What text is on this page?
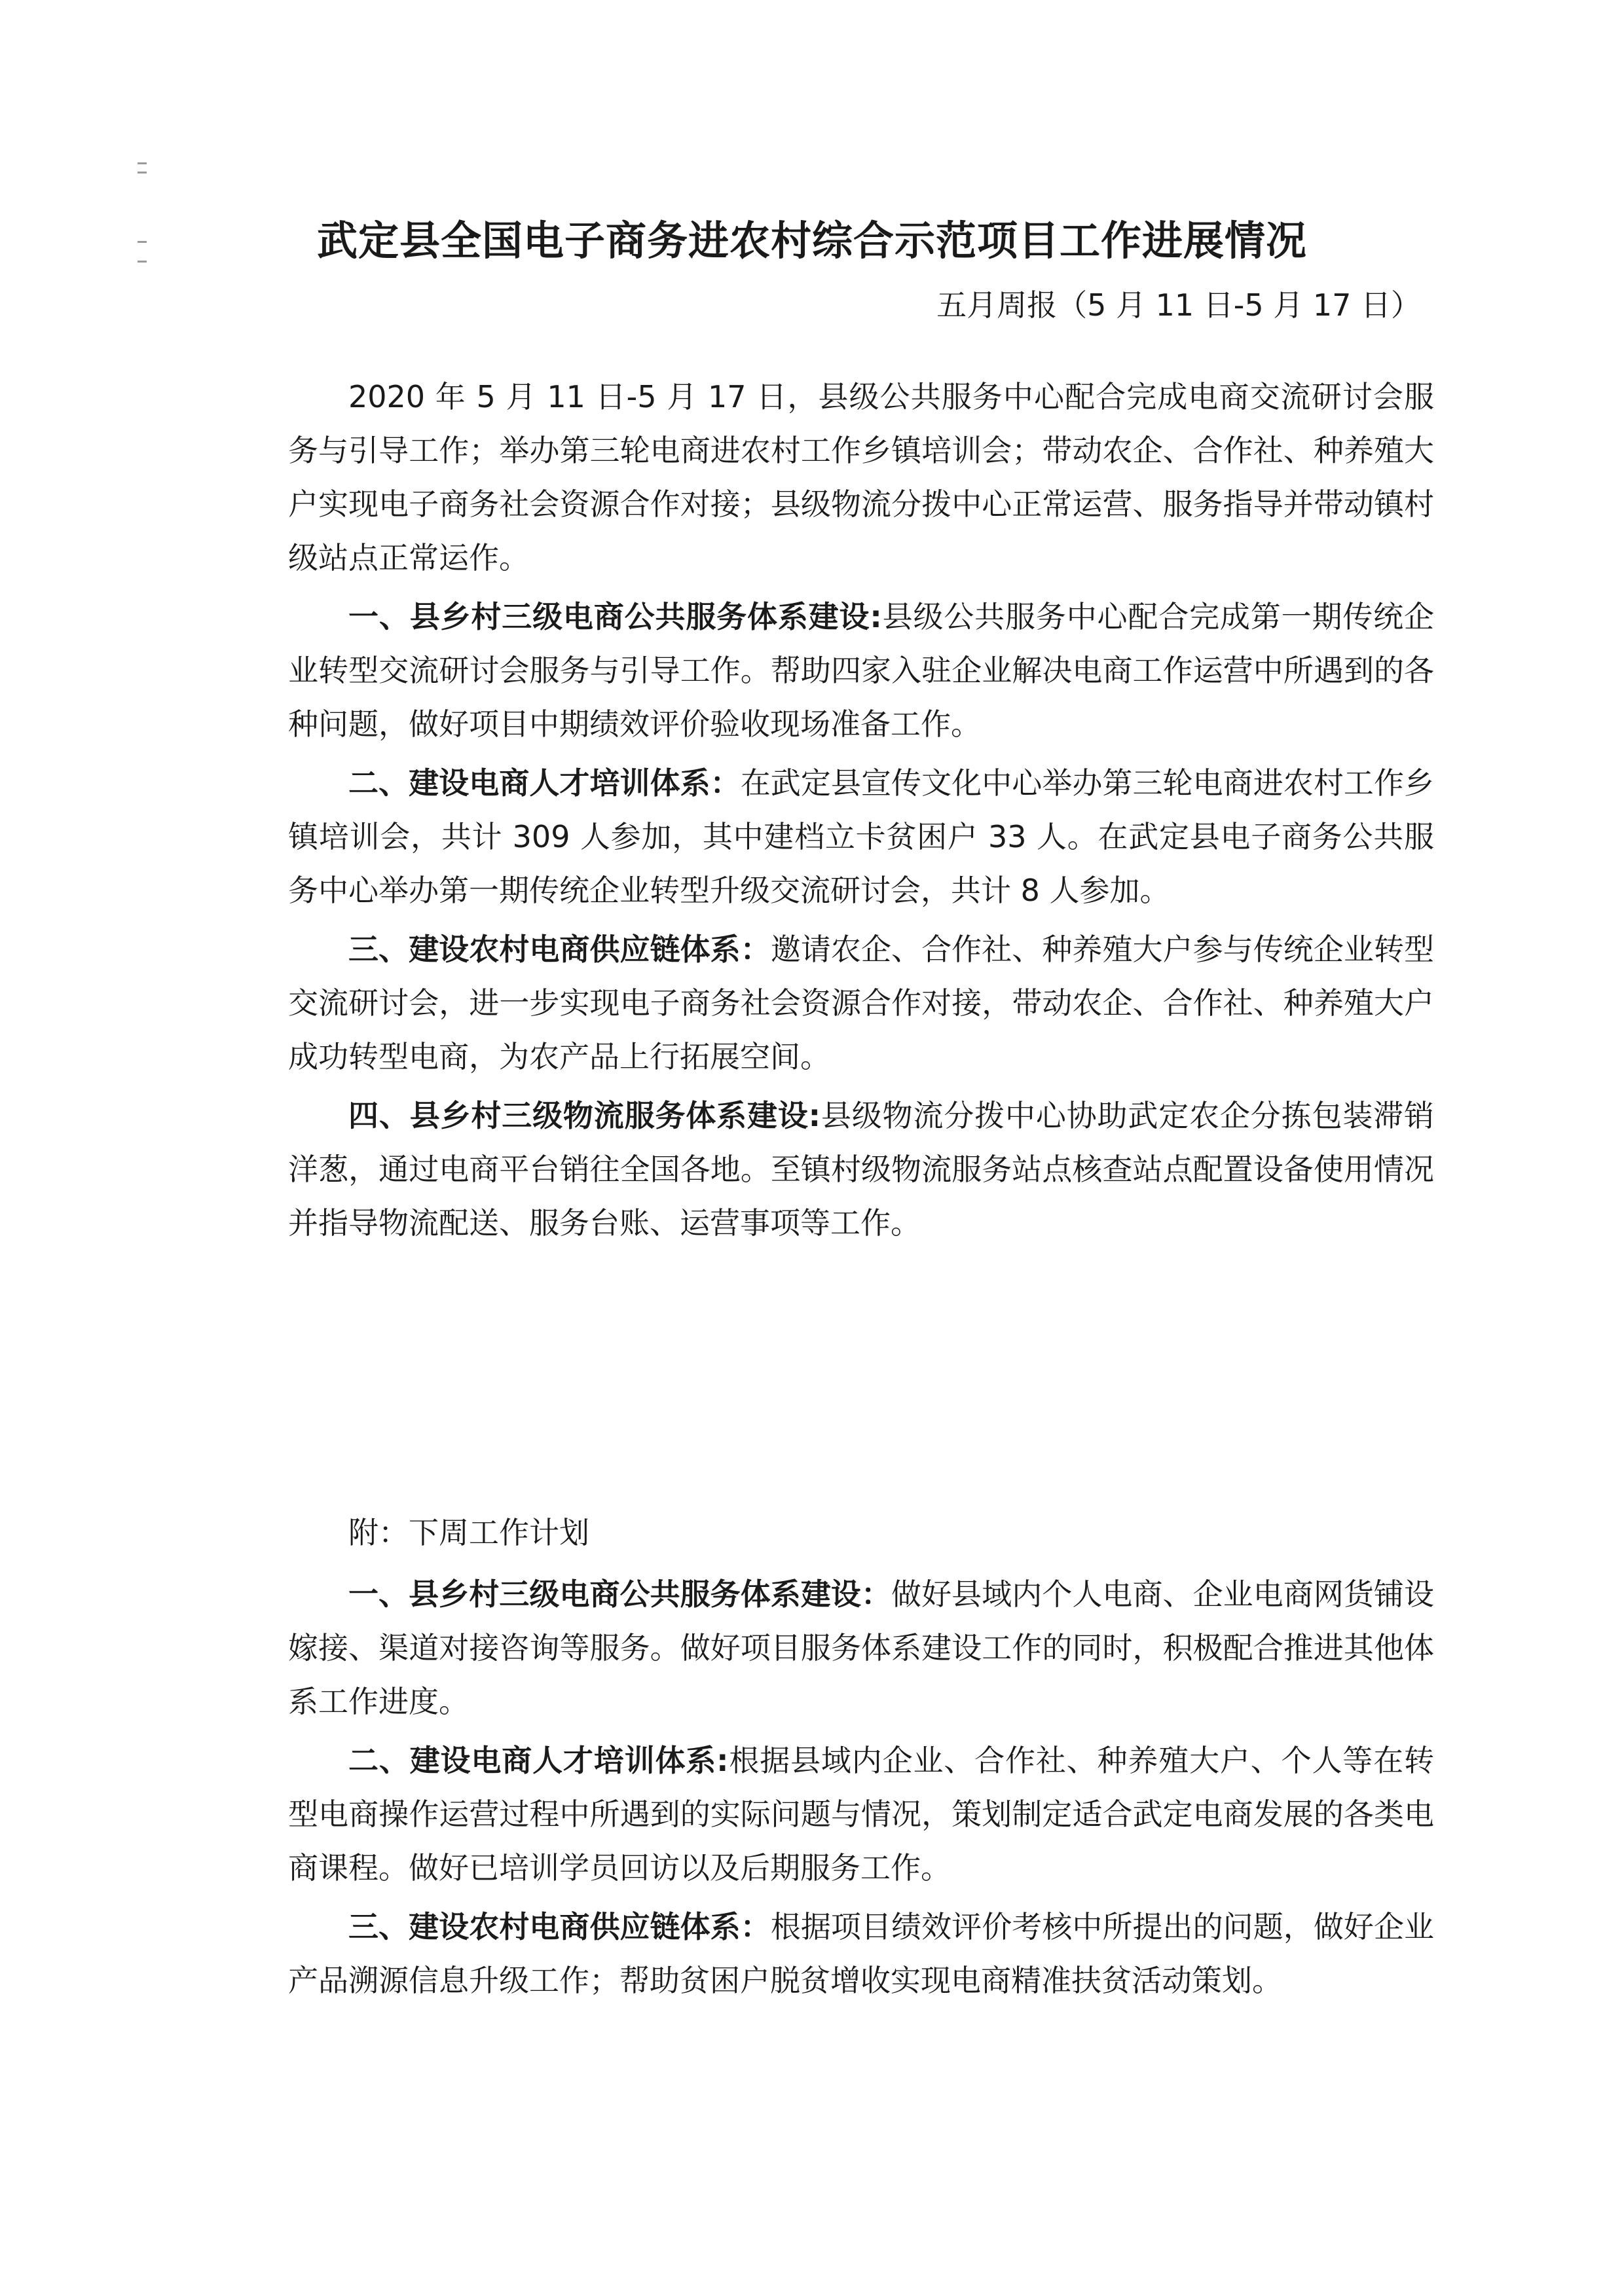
武定县全国电子商务进农村综合示范项目工作进展情况
五月周报（5 月 11 日-5 月 17 日）

2020 年 5 月 11 日-5 月 17 日，县级公共服务中心配合完成电商交流研讨会服务与引导工作；举办第三轮电商进农村工作乡镇培训会；带动农企、合作社、种养殖大户实现电子商务社会资源合作对接；县级物流分拨中心正常运营、服务指导并带动镇村级站点正常运作。

一、县乡村三级电商公共服务体系建设:县级公共服务中心配合完成第一期传统企业转型交流研讨会服务与引导工作。帮助四家入驻企业解决电商工作运营中所遇到的各种问题，做好项目中期绩效评价验收现场准备工作。

二、建设电商人才培训体系：在武定县宣传文化中心举办第三轮电商进农村工作乡镇培训会，共计 309 人参加，其中建档立卡贫困户 33 人。在武定县电子商务公共服务中心举办第一期传统企业转型升级交流研讨会，共计 8 人参加。

三、建设农村电商供应链体系：邀请农企、合作社、种养殖大户参与传统企业转型交流研讨会，进一步实现电子商务社会资源合作对接，带动农企、合作社、种养殖大户成功转型电商，为农产品上行拓展空间。

四、县乡村三级物流服务体系建设:县级物流分拨中心协助武定农企分拣包装滞销洋葱，通过电商平台销往全国各地。至镇村级物流服务站点核查站点配置设备使用情况并指导物流配送、服务台账、运营事项等工作。

附：下周工作计划

一、县乡村三级电商公共服务体系建设：做好县域内个人电商、企业电商网货铺设嫁接、渠道对接咨询等服务。做好项目服务体系建设工作的同时，积极配合推进其他体系工作进度。

二、建设电商人才培训体系:根据县域内企业、合作社、种养殖大户、个人等在转型电商操作运营过程中所遇到的实际问题与情况，策划制定适合武定电商发展的各类电商课程。做好已培训学员回访以及后期服务工作。

三、建设农村电商供应链体系：根据项目绩效评价考核中所提出的问题，做好企业产品溯源信息升级工作；帮助贫困户脱贫增收实现电商精准扶贫活动策划。
